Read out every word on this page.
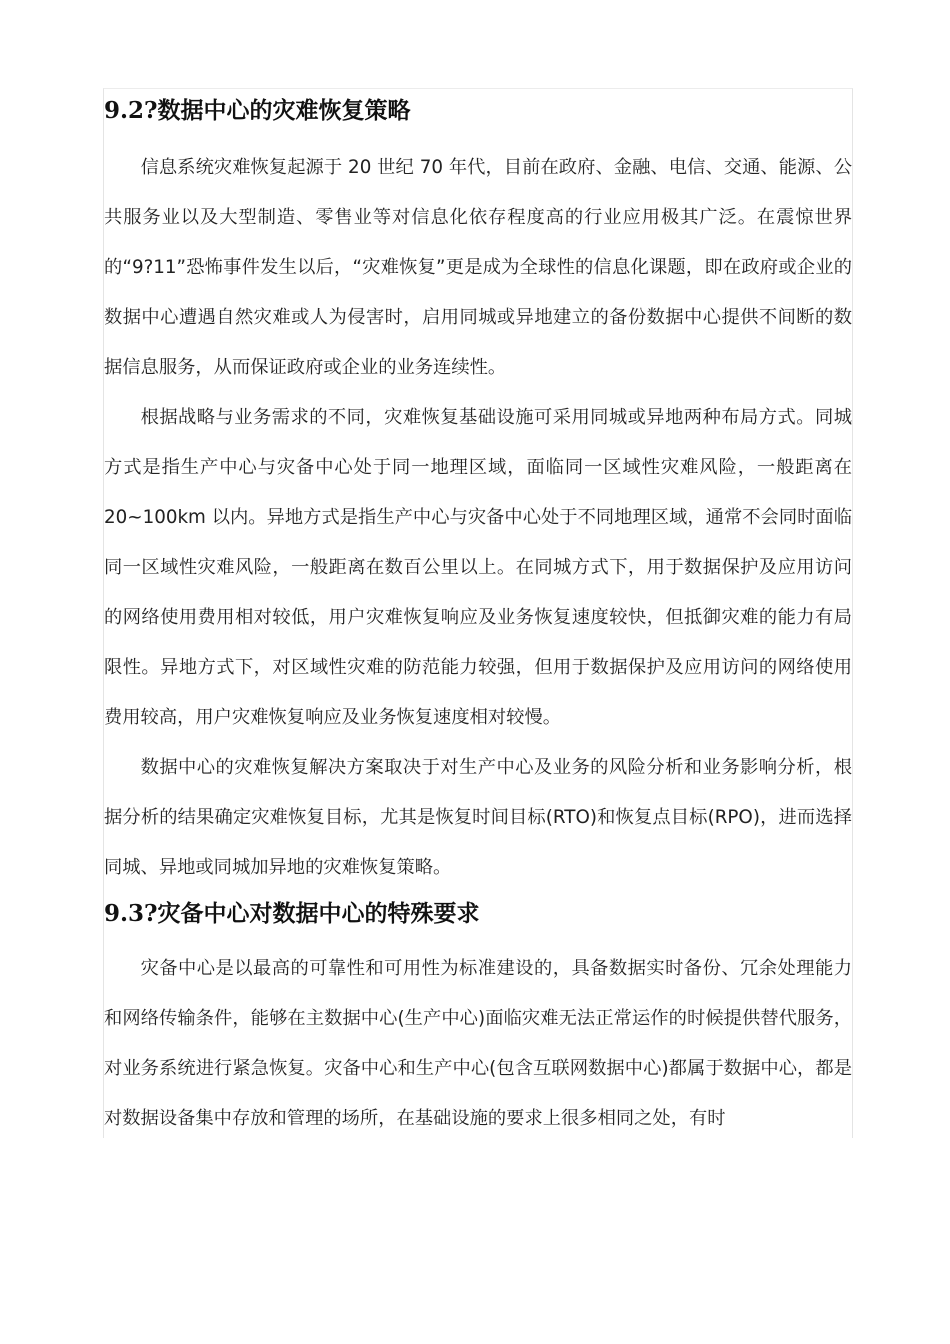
9.2?数据中心的灾难恢复策略

信息系统灾难恢复起源于 20 世纪 70 年代，目前在政府、金融、电信、交通、能源、公共服务业以及大型制造、零售业等对信息化依存程度高的行业应用极其广泛。在震惊世界的“9?11”恐怖事件发生以后，“灾难恢复”更是成为全球性的信息化课题，即在政府或企业的数据中心遭遇自然灾难或人为侵害时，启用同城或异地建立的备份数据中心提供不间断的数据信息服务，从而保证政府或企业的业务连续性。

根据战略与业务需求的不同，灾难恢复基础设施可采用同城或异地两种布局方式。同城方式是指生产中心与灾备中心处于同一地理区域，面临同一区域性灾难风险，一般距离在 20~100km 以内。异地方式是指生产中心与灾备中心处于不同地理区域，通常不会同时面临同一区域性灾难风险，一般距离在数百公里以上。在同城方式下，用于数据保护及应用访问的网络使用费用相对较低，用户灾难恢复响应及业务恢复速度较快，但抵御灾难的能力有局限性。异地方式下，对区域性灾难的防范能力较强，但用于数据保护及应用访问的网络使用费用较高，用户灾难恢复响应及业务恢复速度相对较慢。

数据中心的灾难恢复解决方案取决于对生产中心及业务的风险分析和业务影响分析，根据分析的结果确定灾难恢复目标，尤其是恢复时间目标(RTO)和恢复点目标(RPO)，进而选择同城、异地或同城加异地的灾难恢复策略。

9.3?灾备中心对数据中心的特殊要求

灾备中心是以最高的可靠性和可用性为标准建设的，具备数据实时备份、冗余处理能力和网络传输条件，能够在主数据中心(生产中心)面临灾难无法正常运作的时候提供替代服务，对业务系统进行紧急恢复。灾备中心和生产中心(包含互联网数据中心)都属于数据中心，都是对数据设备集中存放和管理的场所，在基础设施的要求上很多相同之处，有时
